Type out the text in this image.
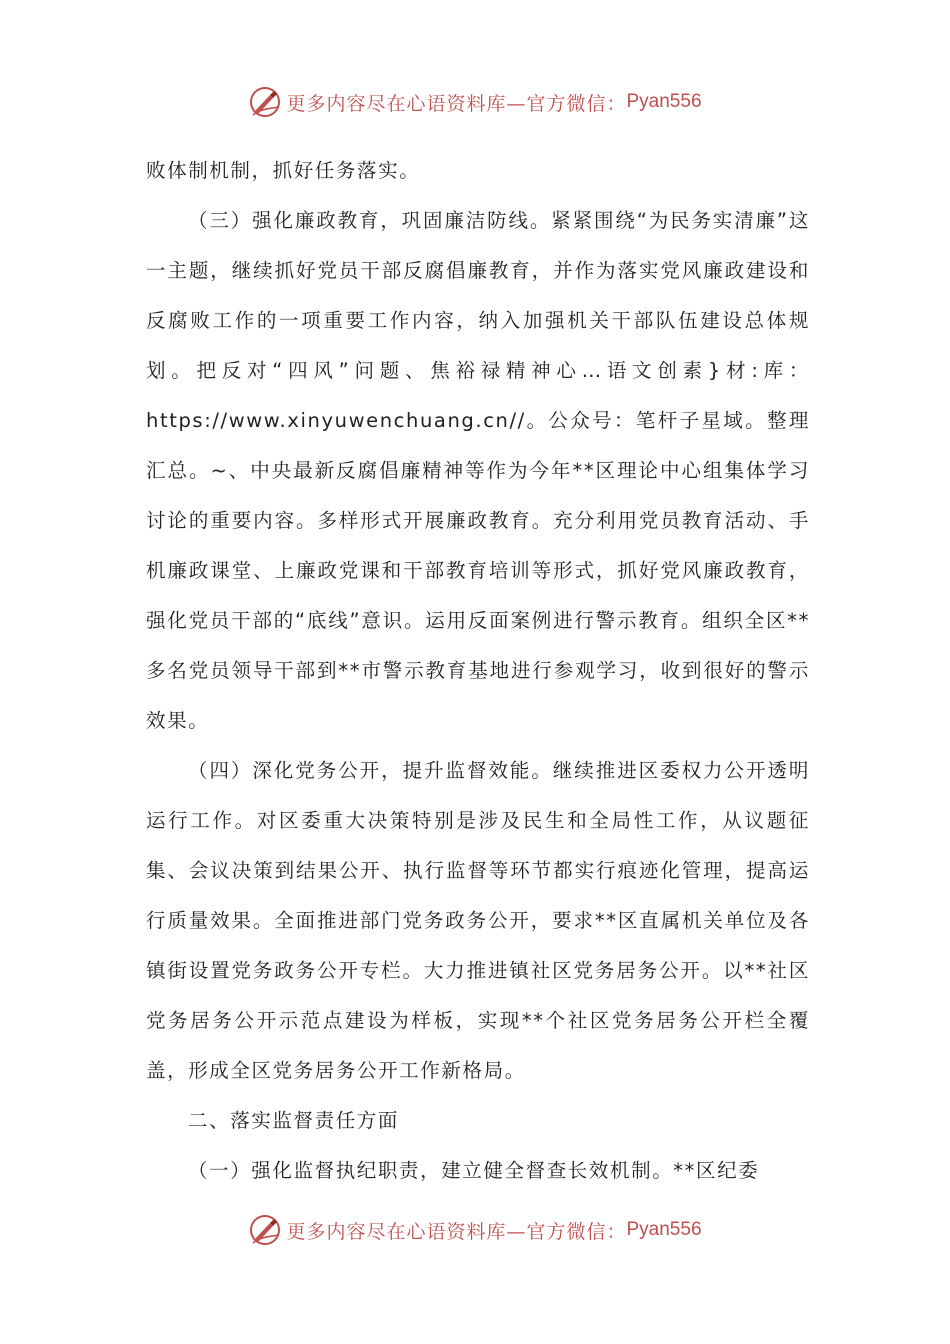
更多内容尽在心语资料库—官方微信： Pyan556

败体制机制，抓好任务落实。

（三）强化廉政教育，巩固廉洁防线。紧紧围绕“为民务实清廉”这一主题，继续抓好党员干部反腐倡廉教育，并作为落实党风廉政建设和反腐败工作的一项重要工作内容，纳入加强机关干部队伍建设总体规划。把反对“四风”问题、焦裕禄精神心…语文创素}材:库：https://www.xinyuwenchuang.cn//。公众号：笔杆子星域。整理汇总。~、中央最新反腐倡廉精神等作为今年**区理论中心组集体学习讨论的重要内容。多样形式开展廉政教育。充分利用党员教育活动、手机廉政课堂、上廉政党课和干部教育培训等形式，抓好党风廉政教育，强化党员干部的“底线”意识。运用反面案例进行警示教育。组织全区**多名党员领导干部到**市警示教育基地进行参观学习，收到很好的警示效果。

（四）深化党务公开，提升监督效能。继续推进区委权力公开透明运行工作。对区委重大决策特别是涉及民生和全局性工作，从议题征集、会议决策到结果公开、执行监督等环节都实行痕迹化管理，提高运行质量效果。全面推进部门党务政务公开，要求**区直属机关单位及各镇街设置党务政务公开专栏。大力推进镇社区党务居务公开。以**社区党务居务公开示范点建设为样板，实现**个社区党务居务公开栏全覆盖，形成全区党务居务公开工作新格局。

二、落实监督责任方面

（一）强化监督执纪职责，建立健全督查长效机制。**区纪委

更多内容尽在心语资料库—官方微信： Pyan556
